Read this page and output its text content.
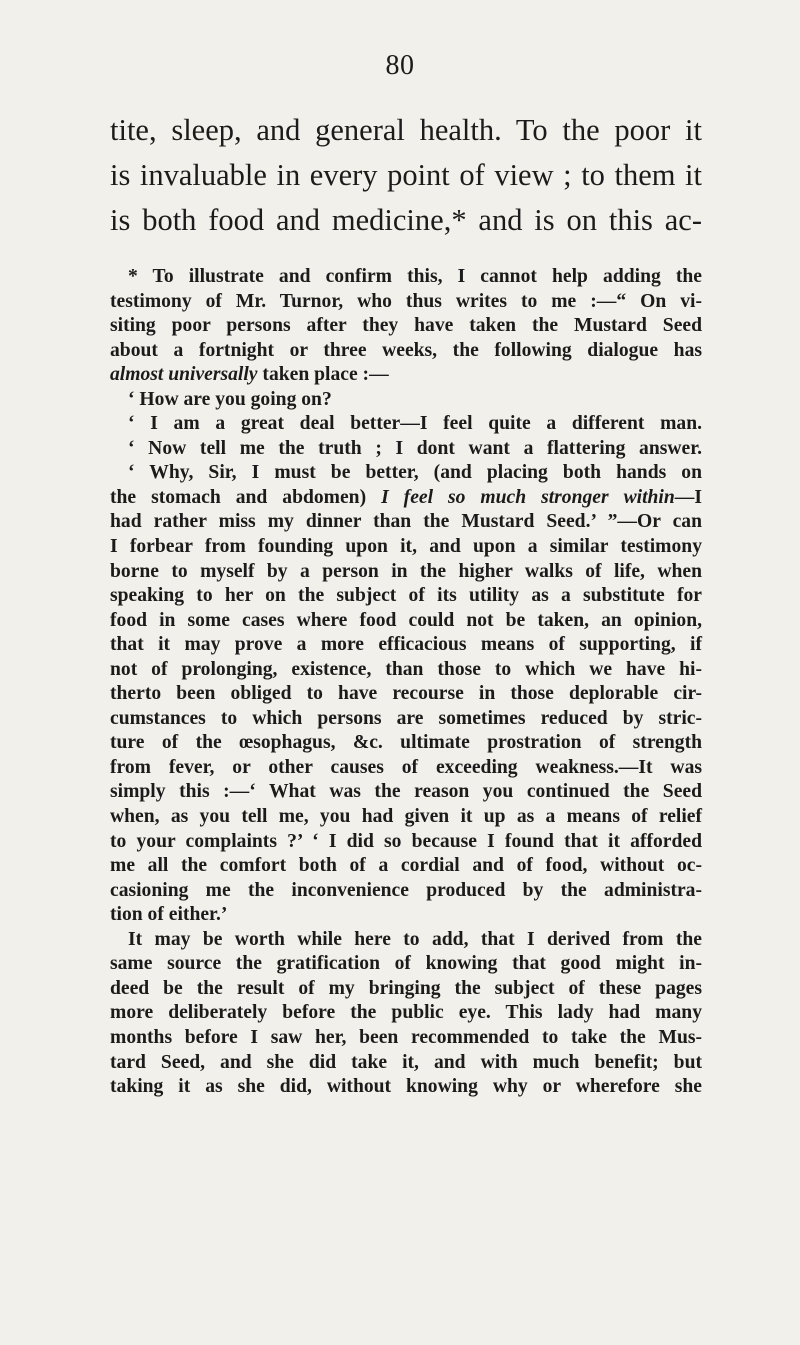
80
tite, sleep, and general health. To the poor it
is invaluable in every point of view ; to them it
is both food and medicine,* and is on this ac-
* To illustrate and confirm this, I cannot help adding the
testimony of Mr. Turnor, who thus writes to me :—“ On vi-
siting poor persons after they have taken the Mustard Seed
about a fortnight or three weeks, the following dialogue has
almost universally taken place :—
‘ How are you going on?
‘ I am a great deal better—I feel quite a different man.
‘ Now tell me the truth ; I dont want a flattering answer.
‘ Why, Sir, I must be better, (and placing both hands on
the stomach and abdomen) I feel so much stronger within—I
had rather miss my dinner than the Mustard Seed.’ ”—Or can
I forbear from founding upon it, and upon a similar testimony
borne to myself by a person in the higher walks of life, when
speaking to her on the subject of its utility as a substitute for
food in some cases where food could not be taken, an opinion,
that it may prove a more efficacious means of supporting, if
not of prolonging, existence, than those to which we have hi-
therto been obliged to have recourse in those deplorable cir-
cumstances to which persons are sometimes reduced by stric-
ture of the œsophagus, &c. ultimate prostration of strength
from fever, or other causes of exceeding weakness.—It was
simply this :—‘ What was the reason you continued the Seed
when, as you tell me, you had given it up as a means of relief
to your complaints ?’ ‘ I did so because I found that it afforded
me all the comfort both of a cordial and of food, without oc-
casioning me the inconvenience produced by the administra-
tion of either.’
It may be worth while here to add, that I derived from the
same source the gratification of knowing that good might in-
deed be the result of my bringing the subject of these pages
more deliberately before the public eye. This lady had many
months before I saw her, been recommended to take the Mus-
tard Seed, and she did take it, and with much benefit; but
taking it as she did, without knowing why or wherefore she
